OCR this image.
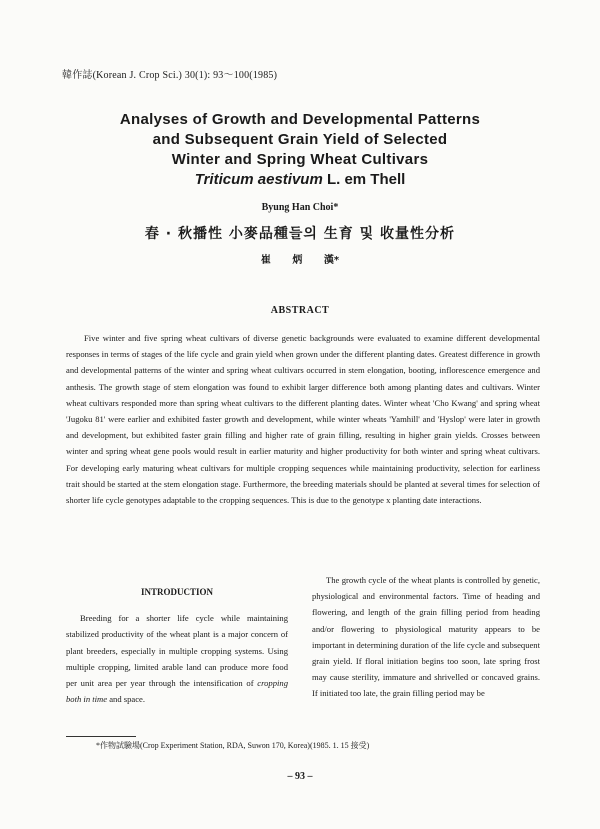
韓作誌(Korean J. Crop Sci.) 30(1): 93～100(1985)
Analyses of Growth and Developmental Patterns
and Subsequent Grain Yield of Selected
Winter and Spring Wheat Cultivars
Triticum aestivum L. em Thell
Byung Han Choi*
春 · 秋播性 小麥品種들의 生育 및 收量性分析
崔 炳 漢*
ABSTRACT
Five winter and five spring wheat cultivars of diverse genetic backgrounds were evaluated to examine different developmental responses in terms of stages of the life cycle and grain yield when grown under the different planting dates. Greatest difference in growth and developmental patterns of the winter and spring wheat cultivars occurred in stem elongation, booting, inflorescence emergence and anthesis. The growth stage of stem elongation was found to exhibit larger difference both among planting dates and cultivars. Winter wheat cultivars responded more than spring wheat cultivars to the different planting dates. Winter wheat 'Cho Kwang' and spring wheat 'Jugoku 81' were earlier and exhibited faster growth and development, while winter wheats 'Yamhill' and 'Hyslop' were later in growth and development, but exhibited faster grain filling and higher rate of grain filling, resulting in higher grain yields. Crosses between winter and spring wheat gene pools would result in earlier maturity and higher productivity for both winter and spring wheat cultivars. For developing early maturing wheat cultivars for multiple cropping sequences while maintaining productivity, selection for earliness trait should be started at the stem elongation stage. Furthermore, the breeding materials should be planted at several times for selection of shorter life cycle genotypes adaptable to the cropping sequences. This is due to the genotype x planting date interactions.
INTRODUCTION

Breeding for a shorter life cycle while maintaining stabilized productivity of the wheat plant is a major concern of plant breeders, especially in multiple cropping systems. Using multiple cropping, limited arable land can produce more food per unit area per year through the intensification of cropping both in time and space.

The growth cycle of the wheat plants is controlled by genetic, physiological and environmental factors. Time of heading and flowering, and length of the grain filling period from heading and/or flowering to physiological maturity appears to be important in determining duration of the life cycle and subsequent grain yield. If floral initiation begins too soon, late spring frost may cause sterility, immature and shrivelled or concaved grains. If initiated too late, the grain filling period may be
*作物試驗場(Crop Experiment Station, RDA, Suwon 170, Korea)(1985. 1. 15 接受)
– 93 –
